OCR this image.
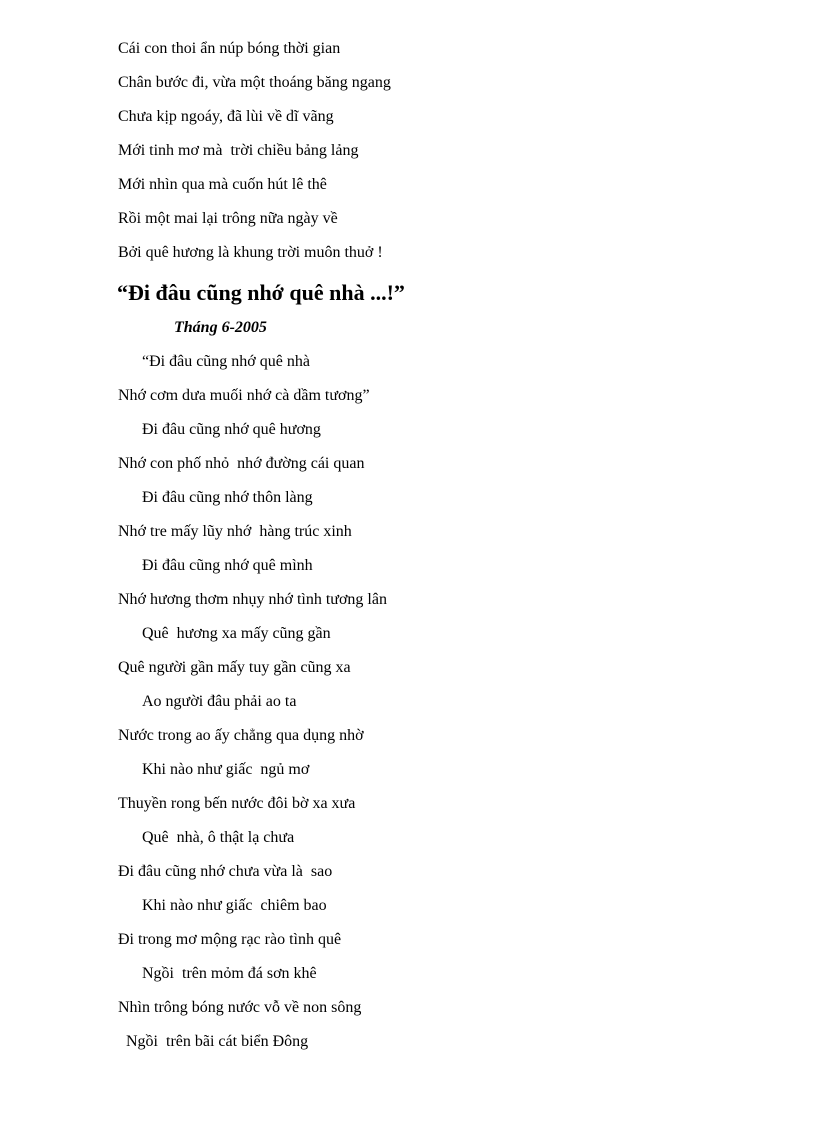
Cái con thoi ẩn núp bóng thời gian
Chân bước đi, vừa một thoáng băng ngang
Chưa kịp ngoáy, đã lùi về dĩ vãng
Mới tinh mơ mà  trời chiều bảng lảng
Mới nhìn qua mà cuốn hút lê thê
Rồi một mai lại trông nữa ngày về
Bởi quê hương là khung trời muôn thuở !
“Đi đâu cũng nhớ quê nhà ...!”
Tháng 6-2005
“Đi đâu cũng nhớ quê nhà
Nhớ cơm dưa muối nhớ cà dầm tương”
Đi đâu cũng nhớ quê hương
Nhớ con phố nhỏ  nhớ đường cái quan
Đi đâu cũng nhớ thôn làng
Nhớ tre mấy lũy nhớ  hàng trúc xinh
Đi đâu cũng nhớ quê mình
Nhớ hương thơm nhụy nhớ tình tương lân
Quê  hương xa mấy cũng gần
Quê người gần mấy tuy gần cũng xa
Ao người đâu phải ao ta
Nước trong ao ấy chẳng qua dụng nhờ
Khi nào như giấc  ngủ mơ
Thuyền rong bến nước đôi bờ xa xưa
Quê  nhà, ô thật lạ chưa
Đi đâu cũng nhớ chưa vừa là  sao
Khi nào như giấc  chiêm bao
Đi trong mơ mộng rạc rào tình quê
Ngồi  trên mỏm đá sơn khê
Nhìn trông bóng nước vỗ về non sông
Ngồi  trên bãi cát biển Đông
